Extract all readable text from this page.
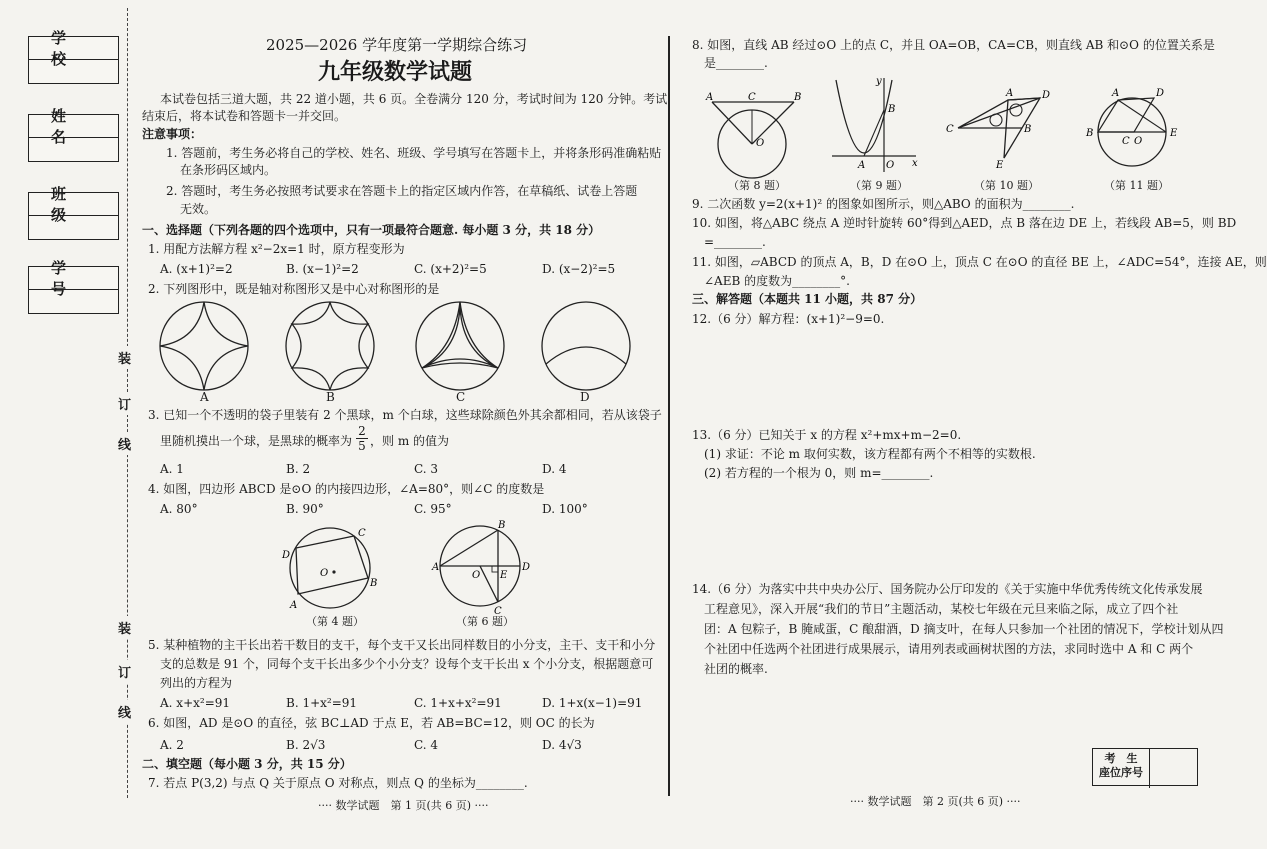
学校
姓名
班级
学号
装
订
线
装
订
线
2025—2026 学年度第一学期综合练习
九年级数学试题
本试卷包括三道大题，共 22 道小题，共 6 页。全卷满分 120 分，考试时间为 120 分钟。考试
结束后，将本试卷和答题卡一并交回。
注意事项：
1. 答题前，考生务必将自己的学校、姓名、班级、学号填写在答题卡上，并将条形码准确粘贴
在条形码区域内。
2. 答题时，考生务必按照考试要求在答题卡上的指定区域内作答，在草稿纸、试卷上答题
无效。
一、选择题（下列各题的四个选项中，只有一项最符合题意. 每小题 3 分，共 18 分）
1. 用配方法解方程 x²−2x=1 时，原方程变形为
A. (x+1)²=2	B. (x−1)²=2	C. (x+2)²=5	D. (x−2)²=5
2. 下列图形中，既是轴对称图形又是中心对称图形的是
A	B	C	D
3. 已知一个不透明的袋子里装有 2 个黑球，m 个白球，这些球除颜色外其余都相同，若从该袋子
里随机摸出一个球，是黑球的概率为 $\frac{2}{5}$ ，则 m 的值为
A. 1	B. 2	C. 3	D. 4
4. 如图，四边形 ABCD 是⊙O 的内接四边形，∠A=80°，则∠C 的度数是
A. 80°	B. 90°	C. 95°	D. 100°
D
C
O
A
B
（第 4 题）
B
A
O E
D
C
（第 6 题）
5. 某种植物的主干长出若干数目的支干，每个支干又长出同样数目的小分支，主干、支干和小分
支的总数是 91 个，同每个支干长出多少个小分支？设每个支干长出 x 个小分支，根据题意可
列出的方程为
A. x+x²=91	B. 1+x²=91	C. 1+x+x²=91	D. 1+x(x−1)=91
6. 如图，AD 是⊙O 的直径，弦 BC⊥AD 于点 E，若 AB=BC=12，则 OC 的长为
A. 2	B. 2√3	C. 4	D. 4√3
二、填空题（每小题 3 分，共 15 分）
7. 若点 P(3,2) 与点 Q 关于原点 O 对称点，则点 Q 的坐标为________.
···· 数学试题　第 1 页(共 6 页) ····
8. 如图，直线 AB 经过⊙O 上的点 C，并且 OA=OB，CA=CB，则直线 AB 和⊙O 的位置关系是
是________.
A	C	B
O
（第 8 题）
y
A O x
B
（第 9 题）
A	D
C	B
E
（第 10 题）
A	D
B
C O
E
（第 11 题）
9. 二次函数 y=2(x+1)² 的图象如图所示，则△ABO 的面积为________.
10. 如图，将△ABC 绕点 A 逆时针旋转 60°得到△AED，点 B 落在边 DE 上，若线段 AB=5，则 BD
=________.
11. 如图，▱ABCD 的顶点 A，B，D 在⊙O 上，顶点 C 在⊙O 的直径 BE 上，∠ADC=54°，连接 AE，则
∠AEB 的度数为________°.
三、解答题（本题共 11 小题，共 87 分）
12.（6 分）解方程：(x+1)²−9=0.
13.（6 分）已知关于 x 的方程 x²+mx+m−2=0.
(1) 求证：不论 m 取何实数，该方程都有两个不相等的实数根.
(2) 若方程的一个根为 0，则 m=________.
14.（6 分）为落实中共中央办公厅、国务院办公厅印发的《关于实施中华优秀传统文化传承发展
工程意见》，深入开展“我们的节日”主题活动，某校七年级在元旦来临之际，成立了四个社
团：A 包粽子，B 腌咸蛋，C 酿甜酒，D 摘支叶，在每人只参加一个社团的情况下，学校计划从四
个社团中任选两个社团进行成果展示，请用列表或画树状图的方法，求同时选中 A 和 C 两个
社团的概率.
考　生
座位序号
···· 数学试题　第 2 页(共 6 页) ····
